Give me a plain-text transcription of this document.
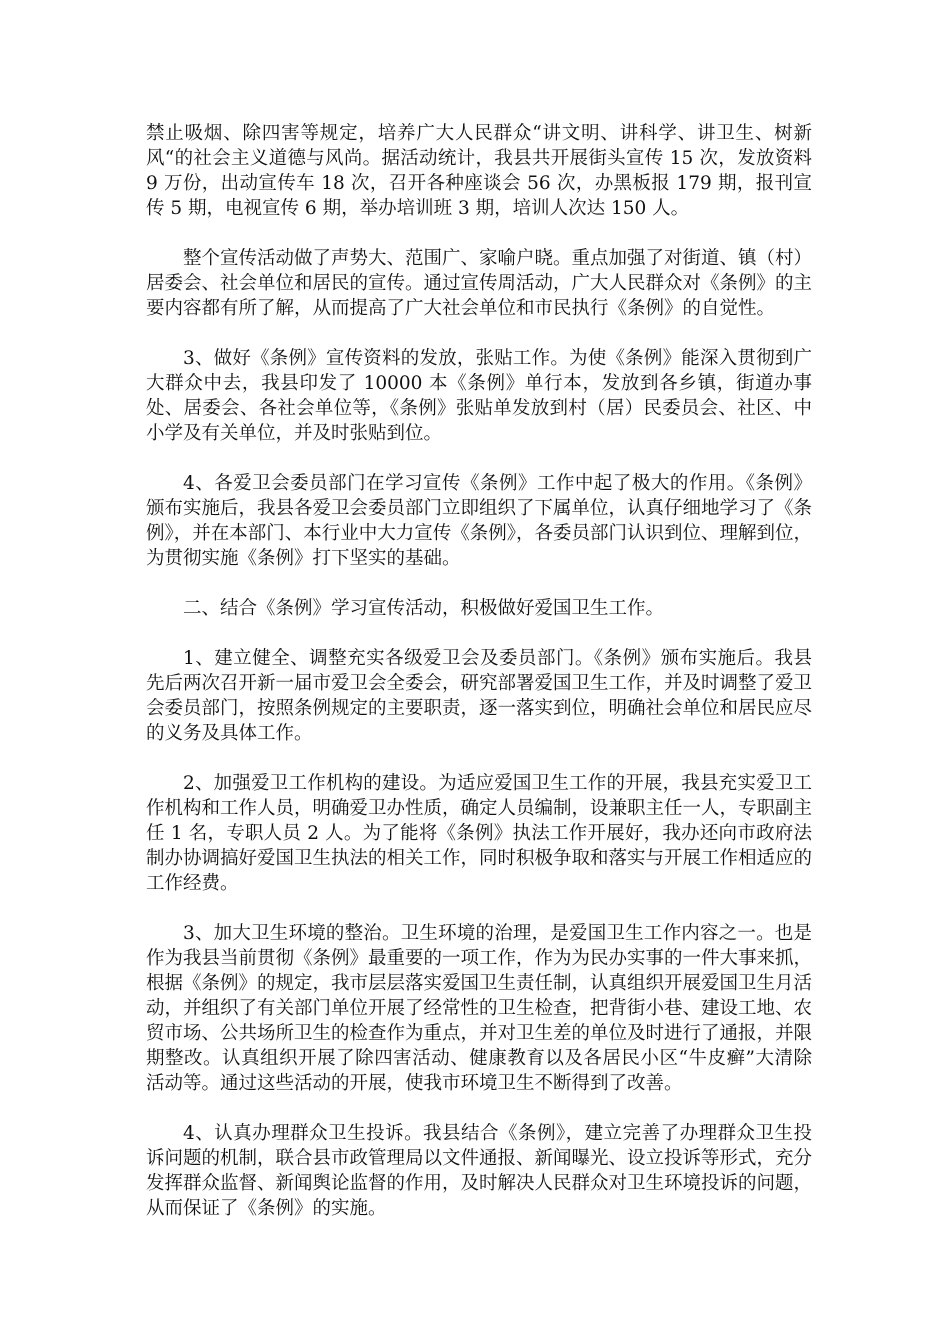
禁止吸烟、除四害等规定，培养广大人民群众“讲文明、讲科学、讲卫生、树新风“的社会主义道德与风尚。据活动统计，我县共开展街头宣传 15 次，发放资料 9 万份，出动宣传车 18 次，召开各种座谈会 56 次，办黑板报 179 期，报刊宣传 5 期，电视宣传 6 期，举办培训班 3 期，培训人次达 150 人。

整个宣传活动做了声势大、范围广、家喻户晓。重点加强了对街道、镇（村）居委会、社会单位和居民的宣传。通过宣传周活动，广大人民群众对《条例》的主要内容都有所了解，从而提高了广大社会单位和市民执行《条例》的自觉性。

3、做好《条例》宣传资料的发放，张贴工作。为使《条例》能深入贯彻到广大群众中去，我县印发了 10000 本《条例》单行本，发放到各乡镇，街道办事处、居委会、各社会单位等，《条例》张贴单发放到村（居）民委员会、社区、中小学及有关单位，并及时张贴到位。

4、各爱卫会委员部门在学习宣传《条例》工作中起了极大的作用。《条例》颁布实施后，我县各爱卫会委员部门立即组织了下属单位，认真仔细地学习了《条例》，并在本部门、本行业中大力宣传《条例》，各委员部门认识到位、理解到位，为贯彻实施《条例》打下坚实的基础。

二、结合《条例》学习宣传活动，积极做好爱国卫生工作。

1、建立健全、调整充实各级爱卫会及委员部门。《条例》颁布实施后。我县先后两次召开新一届市爱卫会全委会，研究部署爱国卫生工作，并及时调整了爱卫会委员部门，按照条例规定的主要职责，逐一落实到位，明确社会单位和居民应尽的义务及具体工作。

2、加强爱卫工作机构的建设。为适应爱国卫生工作的开展，我县充实爱卫工作机构和工作人员，明确爱卫办性质，确定人员编制，设兼职主任一人，专职副主任 1 名，专职人员 2 人。为了能将《条例》执法工作开展好，我办还向市政府法制办协调搞好爱国卫生执法的相关工作，同时积极争取和落实与开展工作相适应的工作经费。

3、加大卫生环境的整治。卫生环境的治理，是爱国卫生工作内容之一。也是作为我县当前贯彻《条例》最重要的一项工作，作为为民办实事的一件大事来抓，根据《条例》的规定，我市层层落实爱国卫生责任制，认真组织开展爱国卫生月活动，并组织了有关部门单位开展了经常性的卫生检查，把背街小巷、建设工地、农贸市场、公共场所卫生的检查作为重点，并对卫生差的单位及时进行了通报，并限期整改。认真组织开展了除四害活动、健康教育以及各居民小区“牛皮癣”大清除活动等。通过这些活动的开展，使我市环境卫生不断得到了改善。

4、认真办理群众卫生投诉。我县结合《条例》，建立完善了办理群众卫生投诉问题的机制，联合县市政管理局以文件通报、新闻曝光、设立投诉等形式，充分发挥群众监督、新闻舆论监督的作用，及时解决人民群众对卫生环境投诉的问题，从而保证了《条例》的实施。
